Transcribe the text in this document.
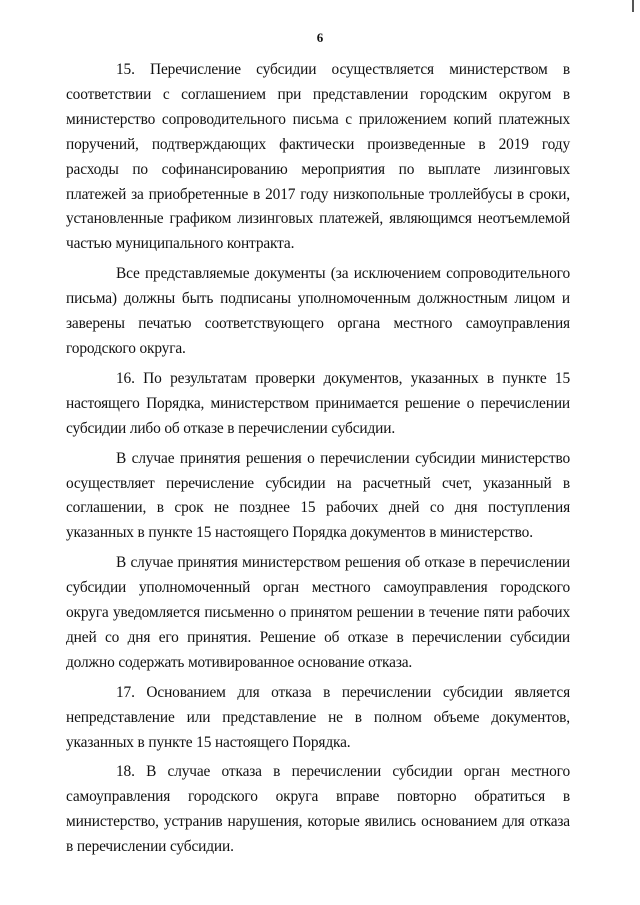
6

15. Перечисление субсидии осуществляется министерством в соответствии с соглашением при представлении городским округом в министерство сопроводительного письма с приложением копий платежных поручений, подтверждающих фактически произведенные в 2019 году расходы по софинансированию мероприятия по выплате лизинговых платежей за приобретенные в 2017 году низкопольные троллейбусы в сроки, установленные графиком лизинговых платежей, являющимся неотъемлемой частью муниципального контракта.

Все представляемые документы (за исключением сопроводительного письма) должны быть подписаны уполномоченным должностным лицом и заверены печатью соответствующего органа местного самоуправления городского округа.

16. По результатам проверки документов, указанных в пункте 15 настоящего Порядка, министерством принимается решение о перечислении субсидии либо об отказе в перечислении субсидии.

В случае принятия решения о перечислении субсидии министерство осуществляет перечисление субсидии на расчетный счет, указанный в соглашении, в срок не позднее 15 рабочих дней со дня поступления указанных в пункте 15 настоящего Порядка документов в министерство.

В случае принятия министерством решения об отказе в перечислении субсидии уполномоченный орган местного самоуправления городского округа уведомляется письменно о принятом решении в течение пяти рабочих дней со дня его принятия. Решение об отказе в перечислении субсидии должно содержать мотивированное основание отказа.

17. Основанием для отказа в перечислении субсидии является непредставление или представление не в полном объеме документов, указанных в пункте 15 настоящего Порядка.

18. В случае отказа в перечислении субсидии орган местного самоуправления городского округа вправе повторно обратиться в министерство, устранив нарушения, которые явились основанием для отказа в перечислении субсидии.
